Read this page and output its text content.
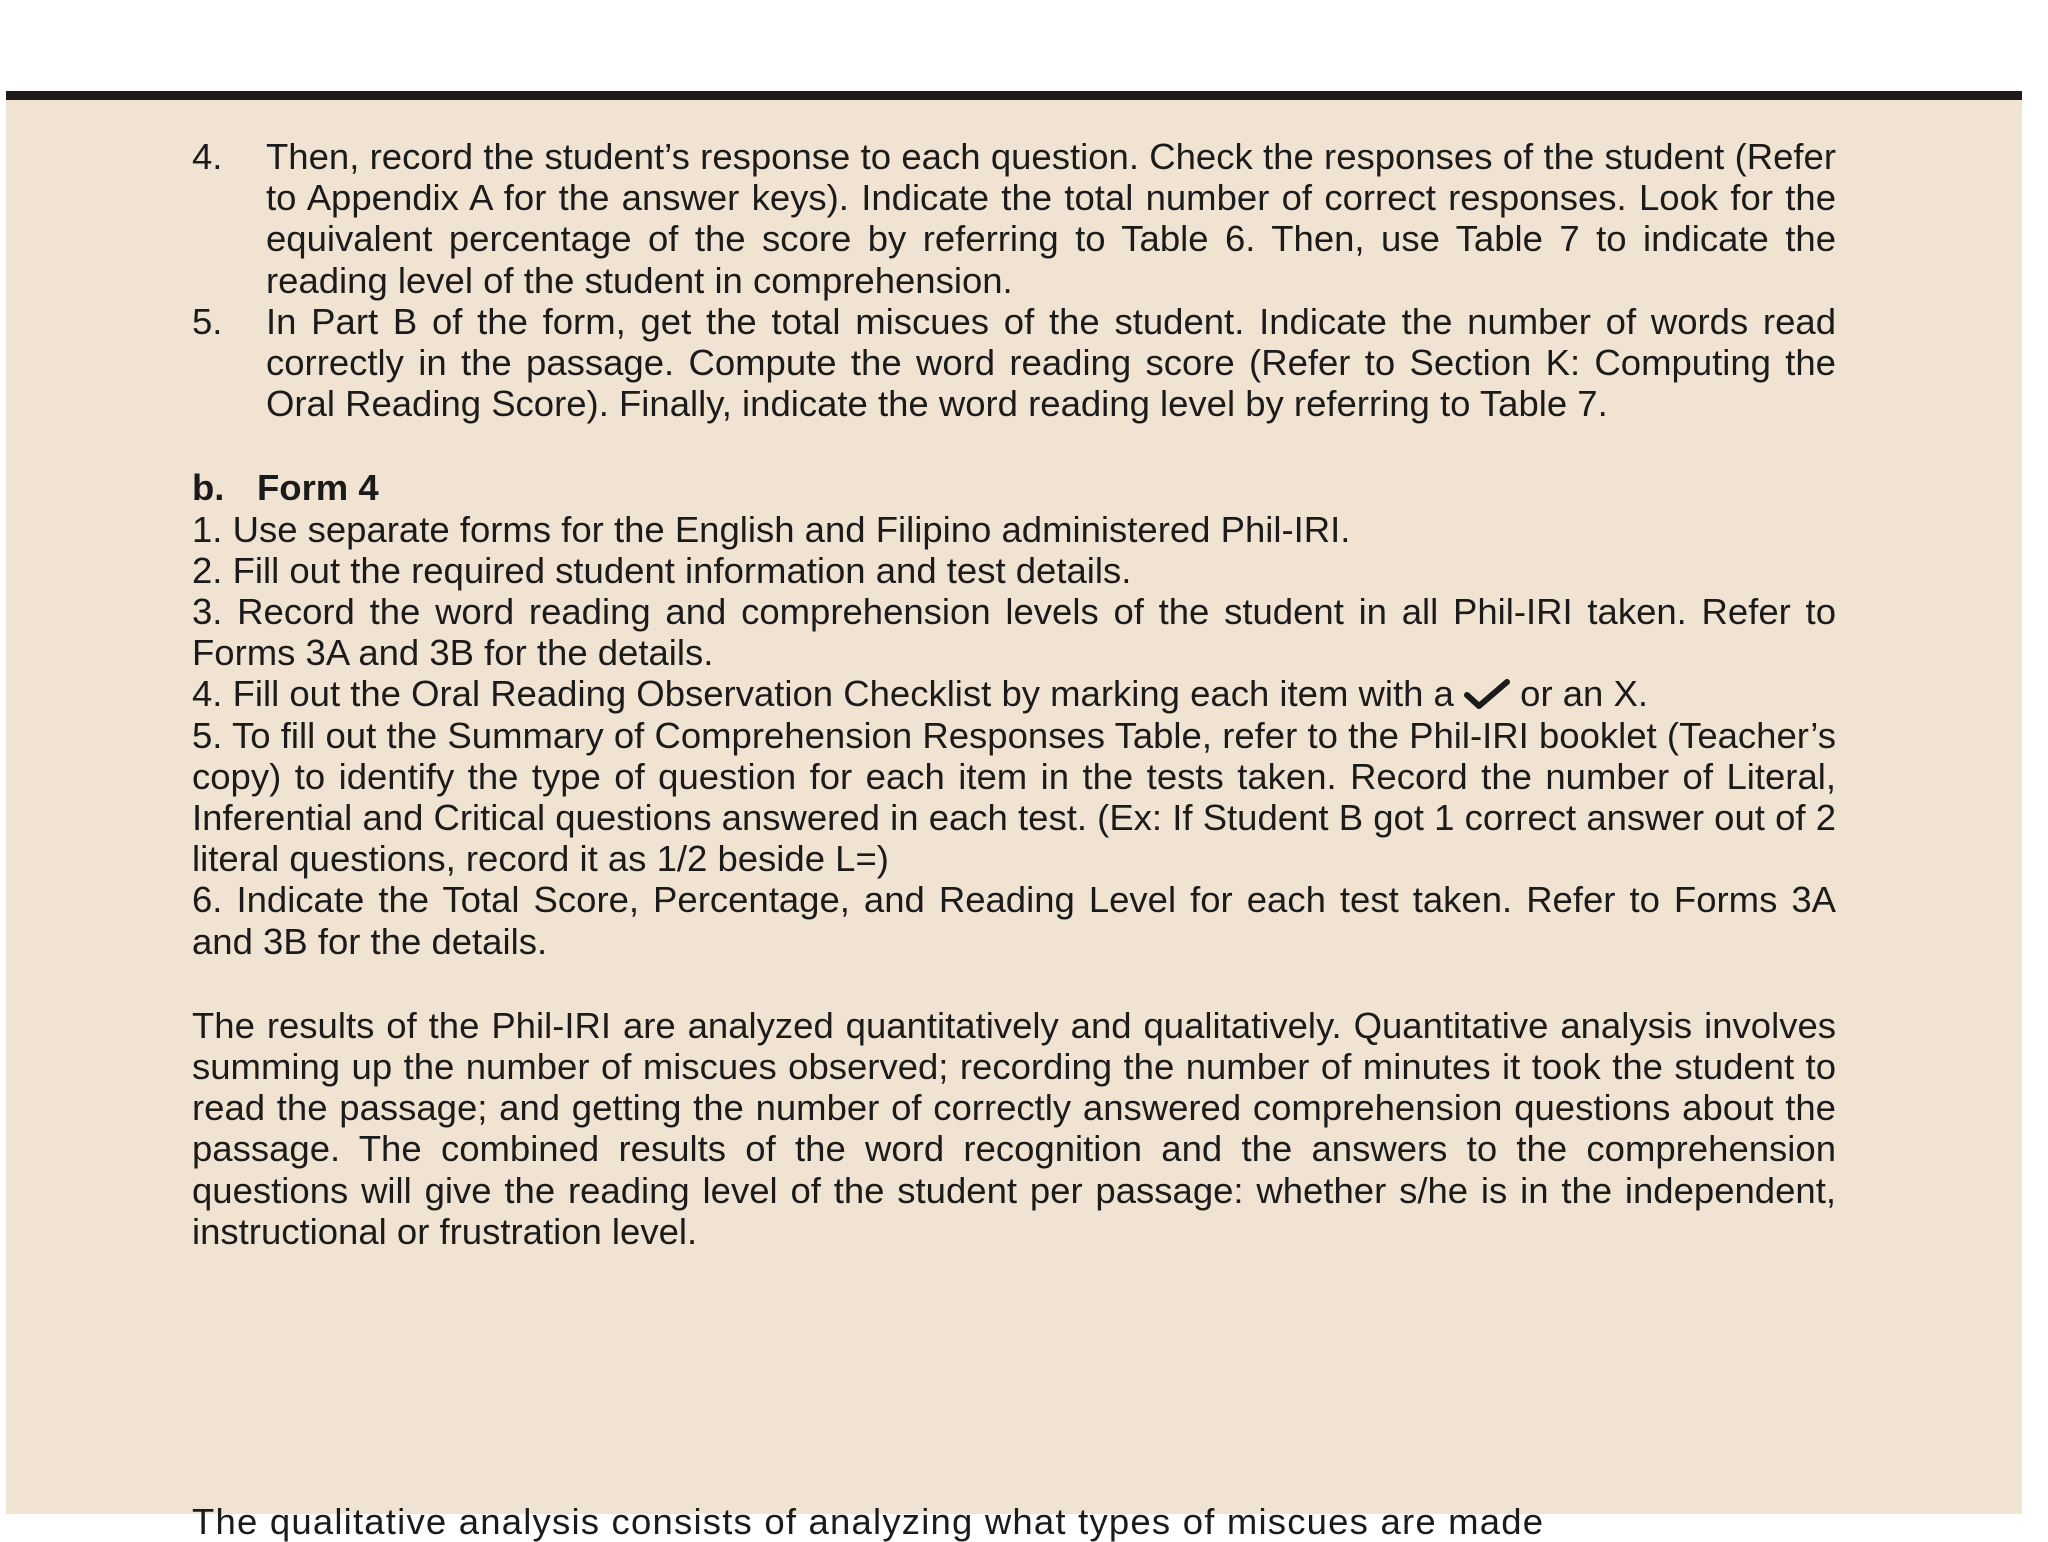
4.	Then, record the student’s response to each question. Check the responses of the student (Refer to Appendix A for the answer keys). Indicate the total number of correct responses. Look for the equivalent percentage of the score by referring to Table 6. Then, use Table 7 to indicate the reading level of the student in comprehension.
5.	In Part B of the form, get the total miscues of the student. Indicate the number of words read correctly in the passage. Compute the word reading score (Refer to Section K: Computing the Oral Reading Score). Finally, indicate the word reading level by referring to Table 7.
b. Form 4
1. Use separate forms for the English and Filipino administered Phil-IRI.
2. Fill out the required student information and test details.
3. Record the word reading and comprehension levels of the student in all Phil-IRI taken. Refer to Forms 3A and 3B for the details.
4. Fill out the Oral Reading Observation Checklist by marking each item with a or an X.
5. To fill out the Summary of Comprehension Responses Table, refer to the Phil-IRI booklet (Teacher’s copy) to identify the type of question for each item in the tests taken. Record the number of Literal, Inferential and Critical questions answered in each test. (Ex: If Student B got 1 correct answer out of 2 literal questions, record it as 1/2 beside L=)
6. Indicate the Total Score, Percentage, and Reading Level for each test taken. Refer to Forms 3A and 3B for the details.

The results of the Phil-IRI are analyzed quantitatively and qualitatively. Quantitative analysis involves summing up the number of miscues observed; recording the number of minutes it took the student to read the passage; and getting the number of correctly answered comprehension questions about the passage. The combined results of the word recognition and the answers to the comprehension questions will give the reading level of the student per passage: whether s/he is in the independent, instructional or frustration level.

The qualitative analysis consists of analyzing what types of miscues are made
